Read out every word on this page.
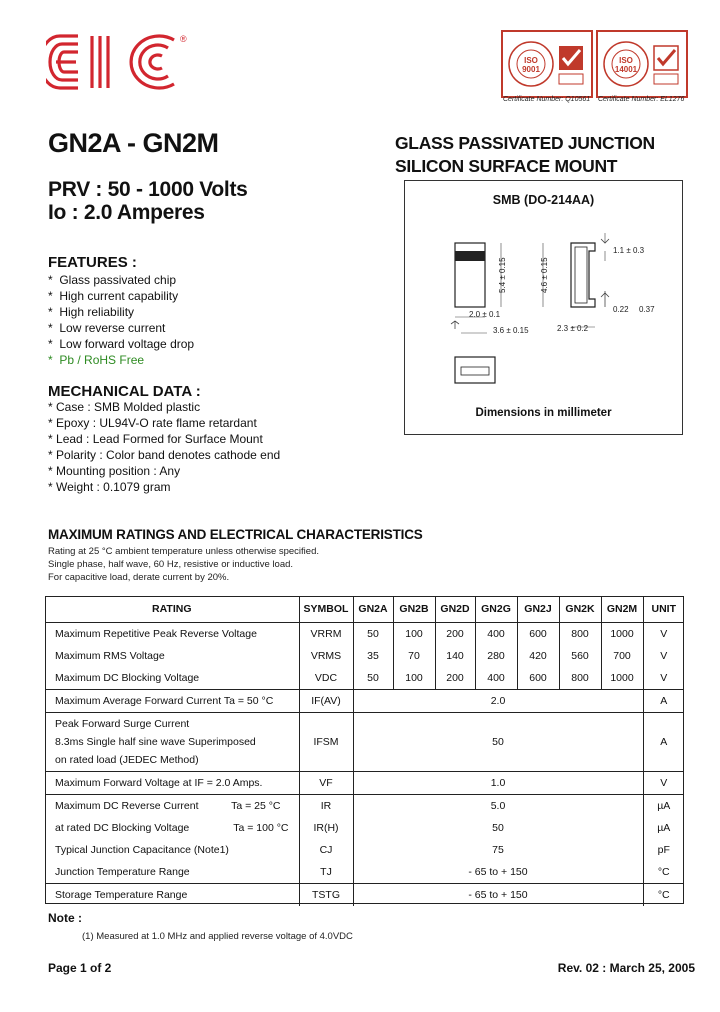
®
ISO
9001
ISO
14001
Certificate Number: Q10561 Certificate Number: EL1276
GN2A - GN2M	GLASS PASSIVATED JUNCTION
SILICON SURFACE MOUNT
PRV : 50 - 1000 Volts
Io : 2.0 Amperes
FEATURES :
*  Glass passivated chip
*  High current capability
*  High reliability
*  Low reverse current
*  Low forward voltage drop
*  Pb / RoHS Free
MECHANICAL DATA :
* Case : SMB Molded plastic
* Epoxy : UL94V-O rate flame retardant
* Lead : Lead Formed for Surface Mount
* Polarity : Color band denotes cathode end
* Mounting position : Any
* Weight : 0.1079 gram
SMB (DO-214AA)
1.1 ± 0.3
5.4 ± 0.15	4.6 ± 0.15
2.0 ± 0.1
3.6 ± 0.15	2.3 ± 0.2
0.22 0.37
Dimensions in millimeter
MAXIMUM RATINGS AND ELECTRICAL CHARACTERISTICS
Rating at 25 °C ambient temperature unless otherwise specified.
Single phase, half wave, 60 Hz, resistive or inductive load.
For capacitive load, derate current by 20%.
RATING	SYMBOL	GN2A	GN2B	GN2D	GN2G	GN2J	GN2K	GN2M	UNIT
Maximum Repetitive Peak Reverse Voltage	VRRM	50	100	200	400	600	800	1000	V
Maximum RMS Voltage	VRMS	35	70	140	280	420	560	700	V
Maximum DC Blocking Voltage	VDC	50	100	200	400	600	800	1000	V
Maximum Average Forward Current Ta = 50 °C	IF(AV)	2.0							A

Peak Forward Surge Current
8.3ms Single half sine wave Superimposed
on rated load (JEDEC Method)	IFSM	50							A
Maximum Forward Voltage at IF = 2.0 Amps.	VF	1.0							V
Maximum DC Reverse Current Ta = 25 °C	IR	5.0							µA
at rated DC Blocking Voltage Ta = 100 °C	IR(H)	50							µA
Typical Junction Capacitance (Note1)	CJ	75							pF
Junction Temperature Range	TJ	- 65 to + 150							°C
Storage Temperature Range	TSTG	- 65 to + 150							°C
Note :
(1) Measured at 1.0 MHz and applied reverse voltage of 4.0VDC
Page 1 of 2	Rev. 02 : March 25, 2005
